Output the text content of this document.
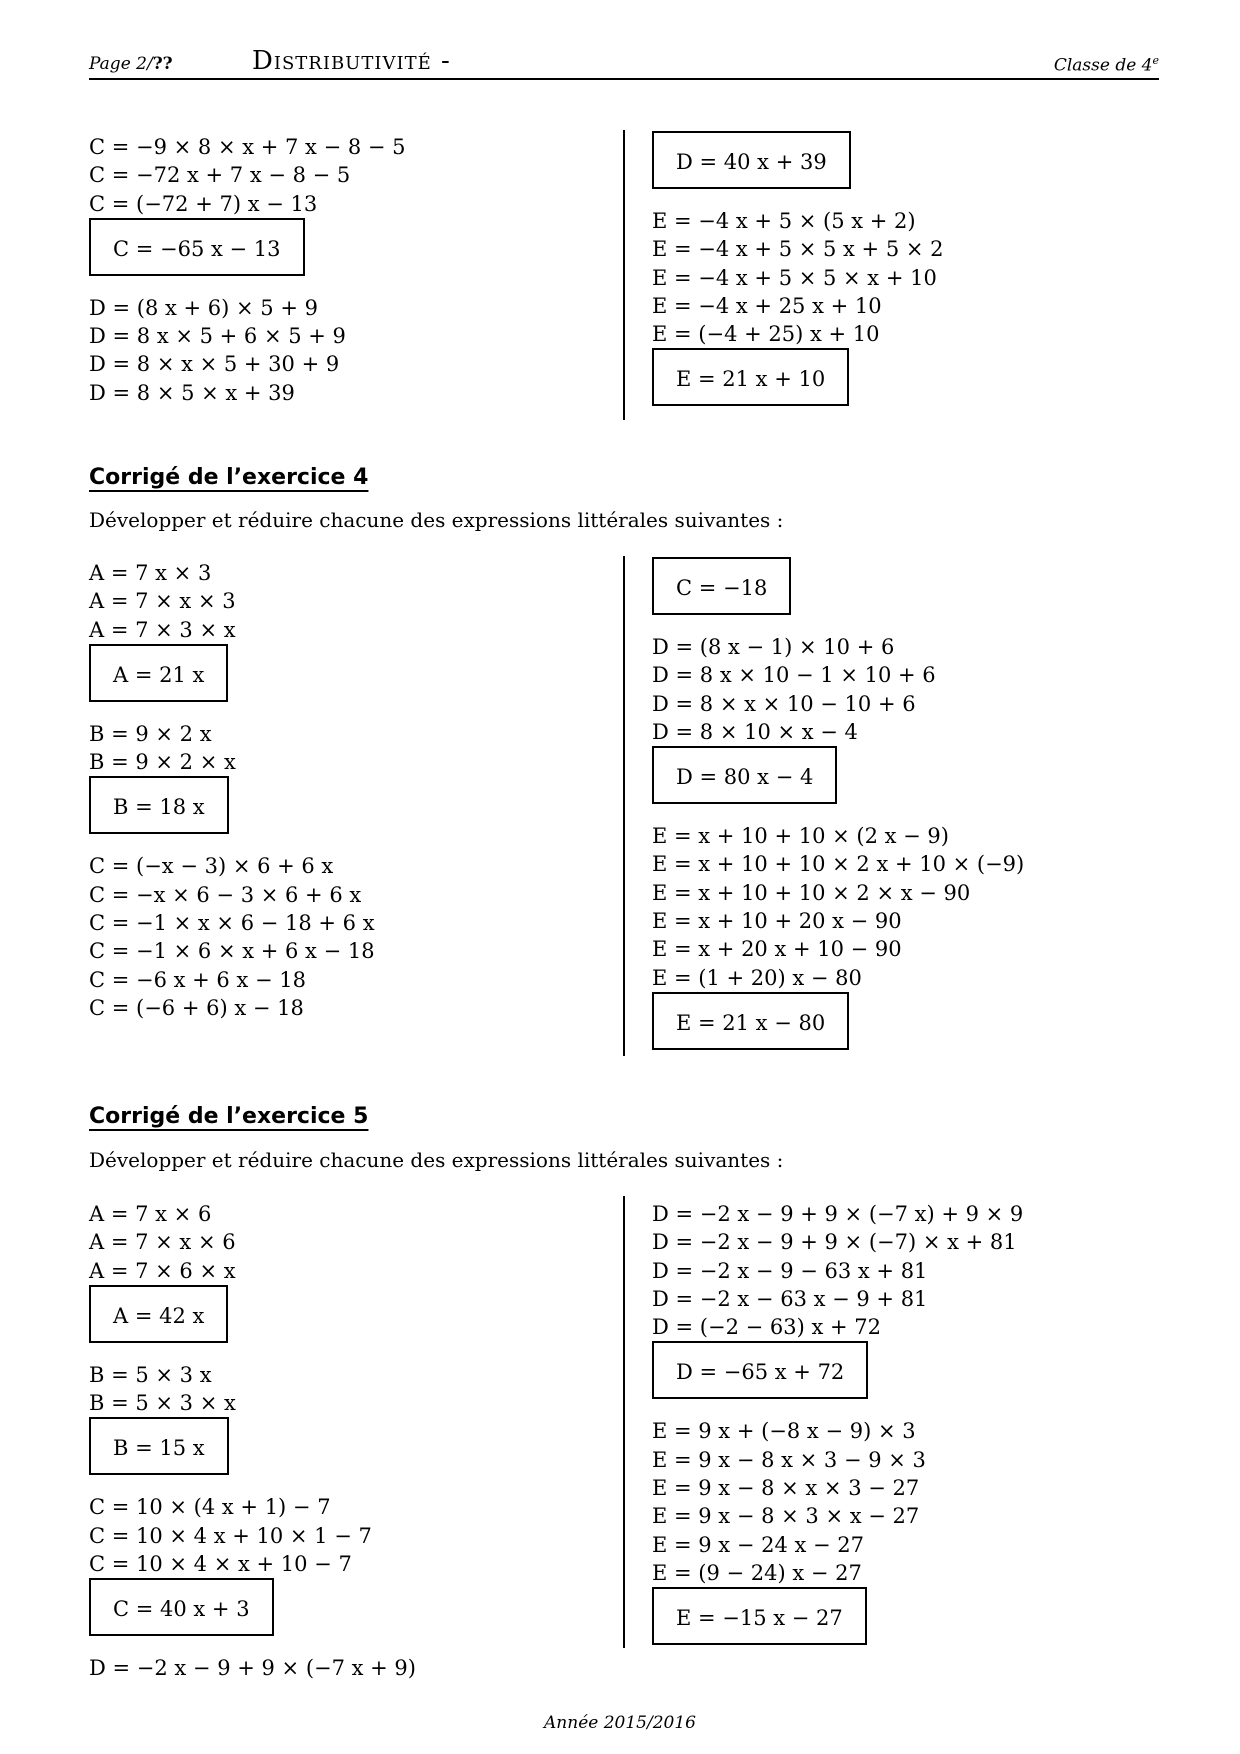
Page 2/??	Distributivité -	Classe de 4e
C = −9 × 8 × x + 7 x − 8 − 5
C = −72 x + 7 x − 8 − 5
C = (−72 + 7) x − 13
C = −65 x − 13
D = (8 x + 6) × 5 + 9
D = 8 x × 5 + 6 × 5 + 9
D = 8 × x × 5 + 30 + 9
D = 8 × 5 × x + 39
D = 40 x + 39
E = −4 x + 5 × (5 x + 2)
E = −4 x + 5 × 5 x + 5 × 2
E = −4 x + 5 × 5 × x + 10
E = −4 x + 25 x + 10
E = (−4 + 25) x + 10
E = 21 x + 10
Corrigé de l’exercice 4
Développer et réduire chacune des expressions littérales suivantes :
A = 7 x × 3
A = 7 × x × 3
A = 7 × 3 × x
A = 21 x
B = 9 × 2 x
B = 9 × 2 × x
B = 18 x
C = (−x − 3) × 6 + 6 x
C = −x × 6 − 3 × 6 + 6 x
C = −1 × x × 6 − 18 + 6 x
C = −1 × 6 × x + 6 x − 18
C = −6 x + 6 x − 18
C = (−6 + 6) x − 18
C = −18
D = (8 x − 1) × 10 + 6
D = 8 x × 10 − 1 × 10 + 6
D = 8 × x × 10 − 10 + 6
D = 8 × 10 × x − 4
D = 80 x − 4
E = x + 10 + 10 × (2 x − 9)
E = x + 10 + 10 × 2 x + 10 × (−9)
E = x + 10 + 10 × 2 × x − 90
E = x + 10 + 20 x − 90
E = x + 20 x + 10 − 90
E = (1 + 20) x − 80
E = 21 x − 80
Corrigé de l’exercice 5
Développer et réduire chacune des expressions littérales suivantes :
A = 7 x × 6
A = 7 × x × 6
A = 7 × 6 × x
A = 42 x
B = 5 × 3 x
B = 5 × 3 × x
B = 15 x
C = 10 × (4 x + 1) − 7
C = 10 × 4 x + 10 × 1 − 7
C = 10 × 4 × x + 10 − 7
C = 40 x + 3
D = −2 x − 9 + 9 × (−7 x + 9)
D = −2 x − 9 + 9 × (−7 x) + 9 × 9
D = −2 x − 9 + 9 × (−7) × x + 81
D = −2 x − 9 − 63 x + 81
D = −2 x − 63 x − 9 + 81
D = (−2 − 63) x + 72
D = −65 x + 72
E = 9 x + (−8 x − 9) × 3
E = 9 x − 8 x × 3 − 9 × 3
E = 9 x − 8 × x × 3 − 27
E = 9 x − 8 × 3 × x − 27
E = 9 x − 24 x − 27
E = (9 − 24) x − 27
E = −15 x − 27
Année 2015/2016
